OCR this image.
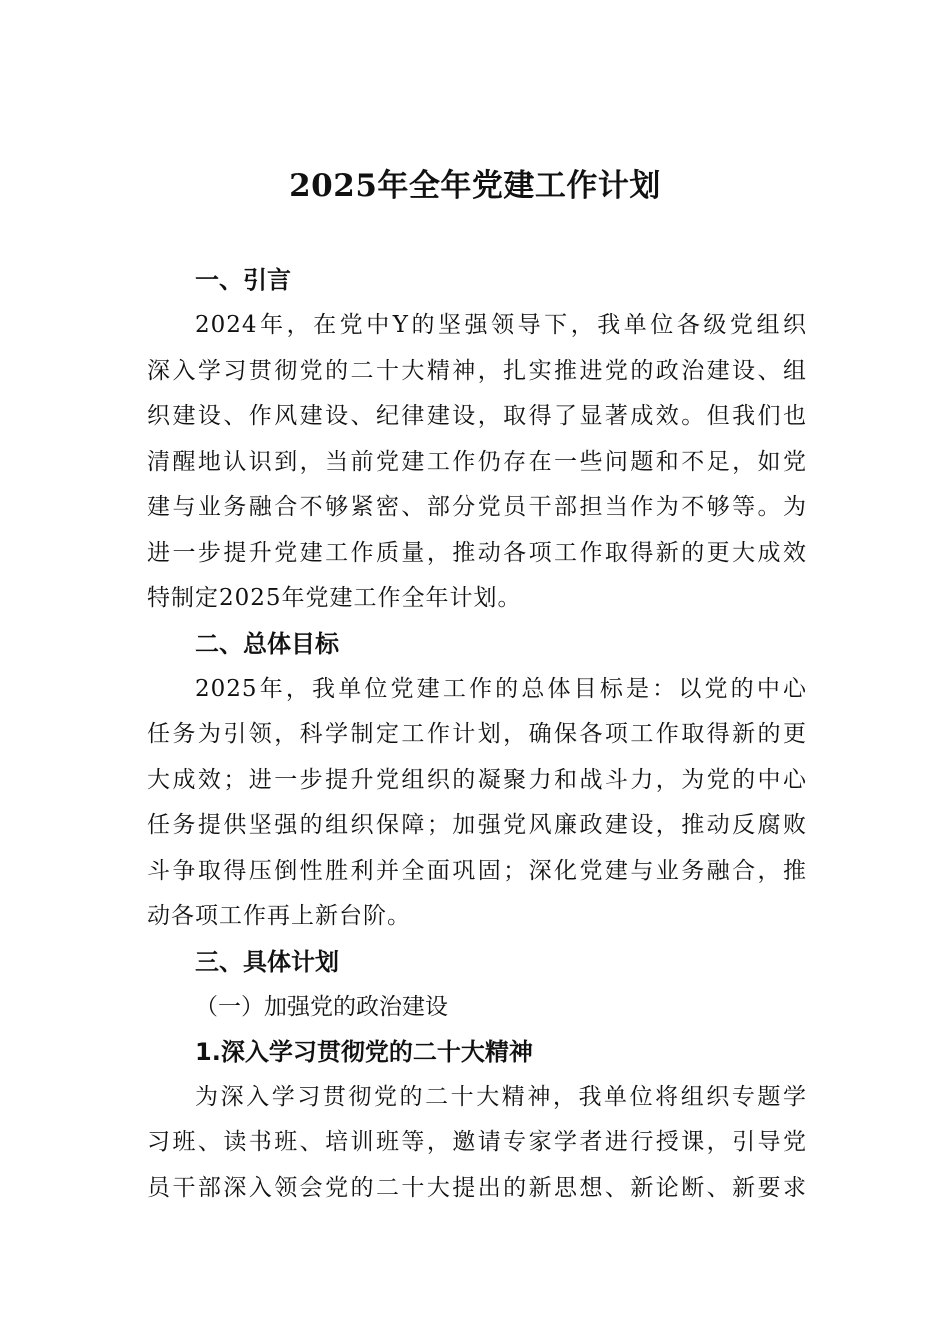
2025年全年党建工作计划
一、引言
2024年，在党中Y的坚强领导下，我单位各级党组织
深入学习贯彻党的二十大精神，扎实推进党的政治建设、组
织建设、作风建设、纪律建设，取得了显著成效。但我们也
清醒地认识到，当前党建工作仍存在一些问题和不足，如党
建与业务融合不够紧密、部分党员干部担当作为不够等。为
进一步提升党建工作质量，推动各项工作取得新的更大成效
特制定2025年党建工作全年计划。
二、总体目标
2025年，我单位党建工作的总体目标是：以党的中心
任务为引领，科学制定工作计划，确保各项工作取得新的更
大成效；进一步提升党组织的凝聚力和战斗力，为党的中心
任务提供坚强的组织保障；加强党风廉政建设，推动反腐败
斗争取得压倒性胜利并全面巩固；深化党建与业务融合，推
动各项工作再上新台阶。
三、具体计划
（一）加强党的政治建设
1.深入学习贯彻党的二十大精神
为深入学习贯彻党的二十大精神，我单位将组织专题学
习班、读书班、培训班等，邀请专家学者进行授课，引导党
员干部深入领会党的二十大提出的新思想、新论断、新要求
